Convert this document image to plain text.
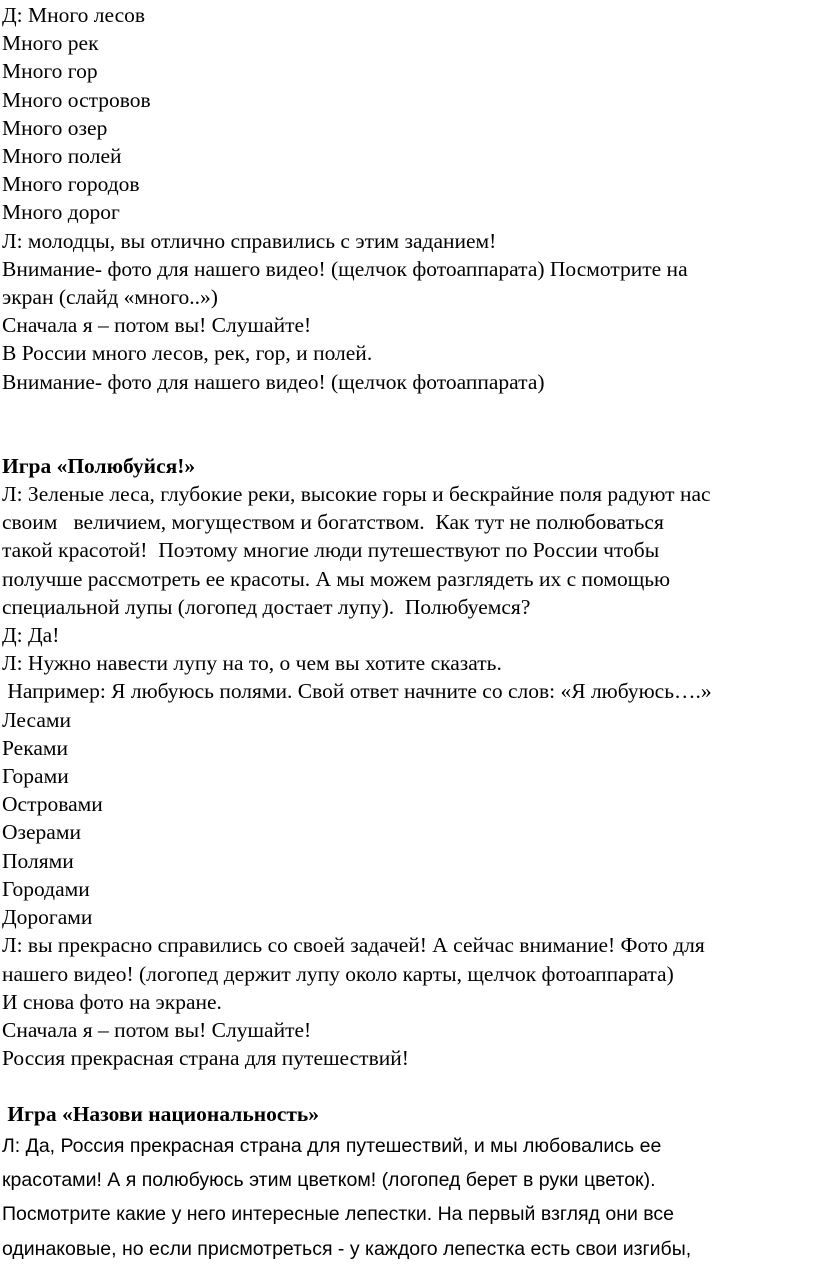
Д: Много лесов
Много рек
Много гор
Много островов
Много озер
Много полей
Много городов
Много дорог
Л: молодцы, вы отлично справились с этим заданием!
Внимание- фото для нашего видео! (щелчок фотоаппарата) Посмотрите на
экран (слайд «много..»)
Сначала я – потом вы! Слушайте!
В России много лесов, рек, гор, и полей.
Внимание- фото для нашего видео! (щелчок фотоаппарата)
Игра «Полюбуйся!»
Л: Зеленые леса, глубокие реки, высокие горы и бескрайние поля радуют нас
своим   величием, могуществом и богатством.  Как тут не полюбоваться
такой красотой!  Поэтому многие люди путешествуют по России чтобы
получше рассмотреть ее красоты. А мы можем разглядеть их с помощью
специальной лупы (логопед достает лупу).  Полюбуемся?
Д: Да!
Л: Нужно навести лупу на то, о чем вы хотите сказать.
Например: Я любуюсь полями. Свой ответ начните со слов: «Я любуюсь….»
Лесами
Реками
Горами
Островами
Озерами
Полями
Городами
Дорогами
Л: вы прекрасно справились со своей задачей! А сейчас внимание! Фото для
нашего видео! (логопед держит лупу около карты, щелчок фотоаппарата)
И снова фото на экране.
Сначала я – потом вы! Слушайте!
Россия прекрасная страна для путешествий!
Игра «Назови национальность»
Л: Да, Россия прекрасная страна для путешествий, и мы любовались ее
красотами! А я полюбуюсь этим цветком! (логопед берет в руки цветок).
Посмотрите какие у него интересные лепестки. На первый взгляд они все
одинаковые, но если присмотреться - у каждого лепестка есть свои изгибы,
